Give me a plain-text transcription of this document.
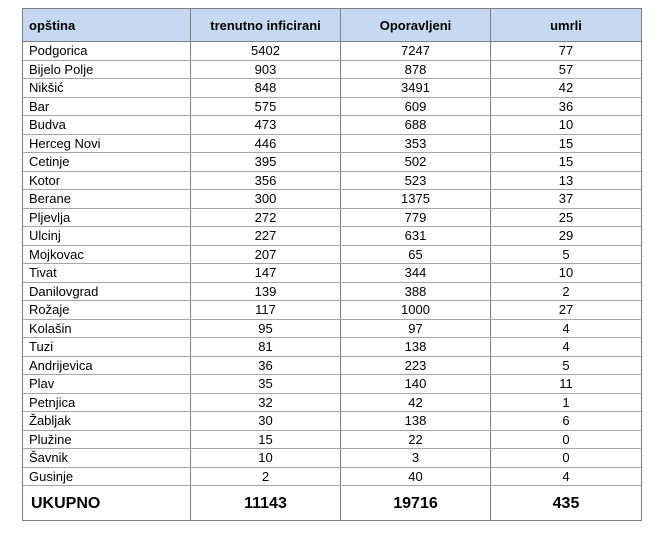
opština	trenutno inficirani	Oporavljeni	umrli
Podgorica	5402	7247	77
Bijelo Polje	903	878	57
Nikšić	848	3491	42
Bar	575	609	36
Budva	473	688	10
Herceg Novi	446	353	15
Cetinje	395	502	15
Kotor	356	523	13
Berane	300	1375	37
Pljevlja	272	779	25
Ulcinj	227	631	29
Mojkovac	207	65	5
Tivat	147	344	10
Danilovgrad	139	388	2
Rožaje	117	1000	27
Kolašin	95	97	4
Tuzi	81	138	4
Andrijevica	36	223	5
Plav	35	140	11
Petnjica	32	42	1
Žabljak	30	138	6
Plužine	15	22	0
Šavnik	10	3	0
Gusinje	2	40	4
UKUPNO	11143	19716	435
